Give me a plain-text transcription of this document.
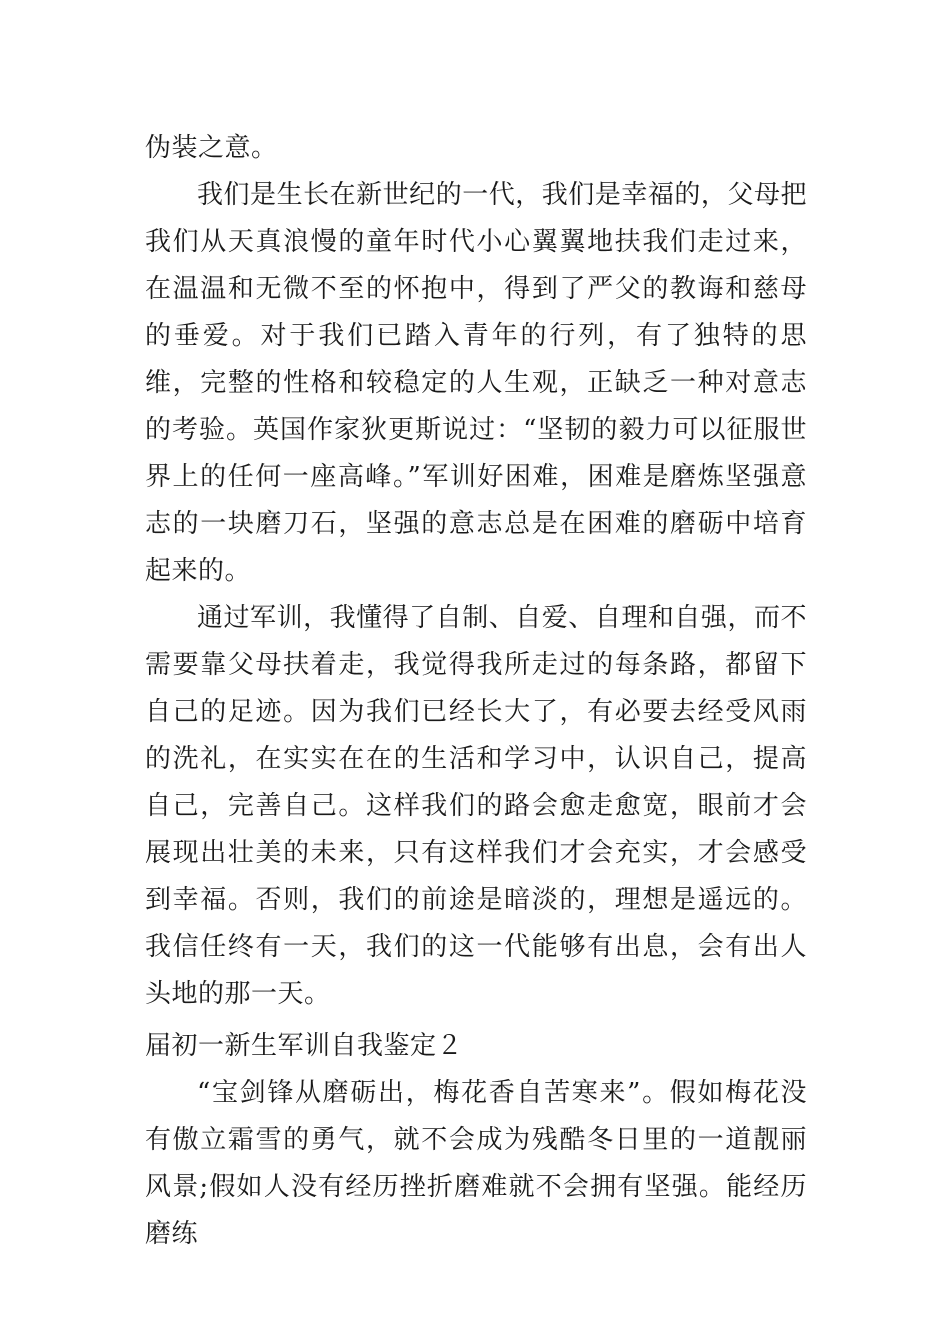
伪装之意。

我们是生长在新世纪的一代，我们是幸福的，父母把我们从天真浪慢的童年时代小心翼翼地扶我们走过来，在温温和无微不至的怀抱中，得到了严父的教诲和慈母的垂爱。对于我们已踏入青年的行列，有了独特的思维，完整的性格和较稳定的人生观，正缺乏一种对意志的考验。英国作家狄更斯说过：“坚韧的毅力可以征服世界上的任何一座高峰。”军训好困难，困难是磨炼坚强意志的一块磨刀石，坚强的意志总是在困难的磨砺中培育起来的。

通过军训，我懂得了自制、自爱、自理和自强，而不需要靠父母扶着走，我觉得我所走过的每条路，都留下自己的足迹。因为我们已经长大了，有必要去经受风雨的洗礼，在实实在在的生活和学习中，认识自己，提高自己，完善自己。这样我们的路会愈走愈宽，眼前才会展现出壮美的未来，只有这样我们才会充实，才会感受到幸福。否则，我们的前途是暗淡的，理想是遥远的。我信任终有一天，我们的这一代能够有出息，会有出人头地的那一天。

届初一新生军训自我鉴定２

“宝剑锋从磨砺出，梅花香自苦寒来”。假如梅花没有傲立霜雪的勇气，就不会成为残酷冬日里的一道靓丽风景;假如人没有经历挫折磨难就不会拥有坚强。能经历磨练
